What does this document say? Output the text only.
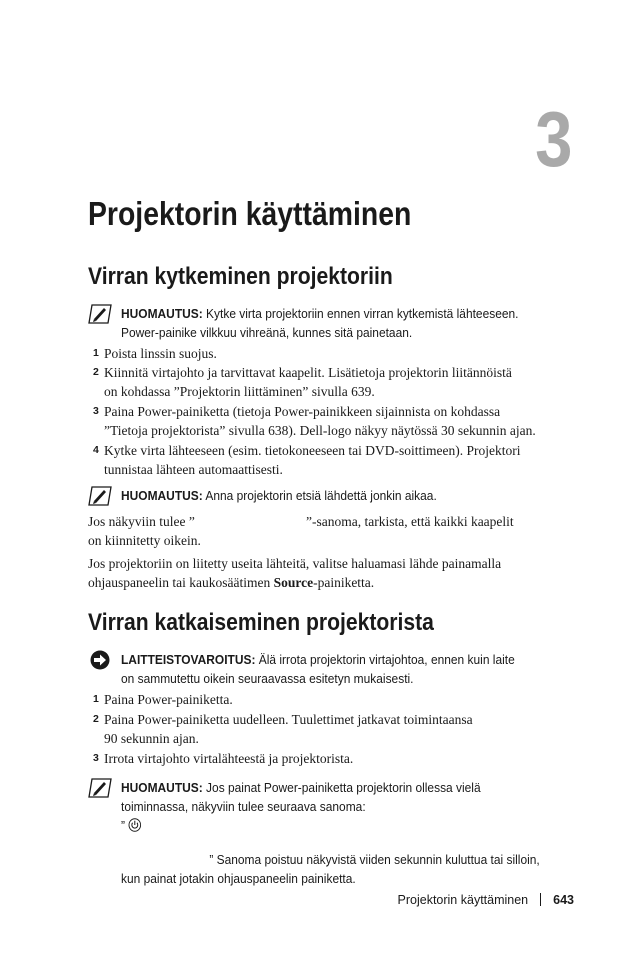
3
Projektorin käyttäminen
Virran kytkeminen projektoriin
HUOMAUTUS: Kytke virta projektoriin ennen virran kytkemistä lähteeseen.
Power-painike vilkkuu vihreänä, kunnes sitä painetaan.
1 Poista linssin suojus.
2 Kiinnitä virtajohto ja tarvittavat kaapelit. Lisätietoja projektorin liitännöistä
on kohdassa ”Projektorin liittäminen” sivulla 639.
3 Paina Power-painiketta (tietoja Power-painikkeen sijainnista on kohdassa
”Tietoja projektorista” sivulla 638). Dell-logo näkyy näytössä 30 sekunnin ajan.
4 Kytke virta lähteeseen (esim. tietokoneeseen tai DVD-soittimeen). Projektori
tunnistaa lähteen automaattisesti.
HUOMAUTUS: Anna projektorin etsiä lähdettä jonkin aikaa.
Jos näkyviin tulee ”	”-sanoma, tarkista, että kaikki kaapelit
on kiinnitetty oikein.
Jos projektoriin on liitetty useita lähteitä, valitse haluamasi lähde painamalla
ohjauspaneelin tai kaukosäätimen Source-painiketta.
Virran katkaiseminen projektorista
LAITTEISTOVAROITUS: Älä irrota projektorin virtajohtoa, ennen kuin laite
on sammutettu oikein seuraavassa esitetyn mukaisesti.
1 Paina Power-painiketta.
2 Paina Power-painiketta uudelleen. Tuulettimet jatkavat toimintaansa
90 sekunnin ajan.
3 Irrota virtajohto virtalähteestä ja projektorista.
HUOMAUTUS: Jos painat Power-painiketta projektorin ollessa vielä
toiminnassa, näkyviin tulee seuraava sanoma:
”
” Sanoma poistuu näkyvistä viiden sekunnin kuluttua tai silloin,
kun painat jotakin ohjauspaneelin painiketta.
Projektorin käyttäminen 643
